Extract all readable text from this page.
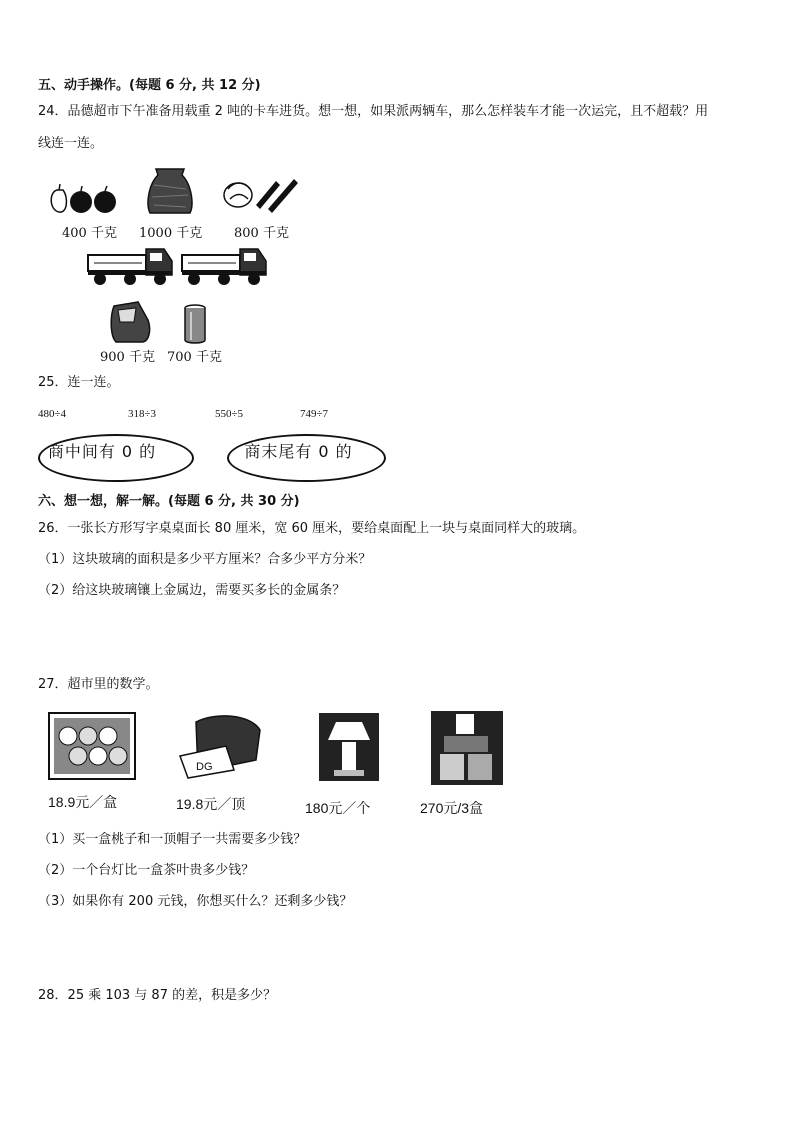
五、动手操作。(每题 6 分, 共 12 分)
24．品德超市下午准备用载重 2 吨的卡车进货。想一想，如果派两辆车，那么怎样装车才能一次运完，且不超载？用
线连一连。
400 千克 1000 千克 800 千克
900 千克 700 千克
25．连一连。
480÷4	318÷3	550÷5	749÷7
商中间有 0 的	商末尾有 0 的
六、想一想，解一解。(每题 6 分, 共 30 分)
26．一张长方形写字桌桌面长 80 厘米，宽 60 厘米，要给桌面配上一块与桌面同样大的玻璃。
（1）这块玻璃的面积是多少平方厘米？合多少平方分米？
（2）给这块玻璃镶上金属边，需要买多长的金属条？
27．超市里的数学。
18.9元／盒
DG
19.8元／顶	180元／个	270元/3盒
（1）买一盒桃子和一顶帽子一共需要多少钱？
（2）一个台灯比一盒茶叶贵多少钱？
（3）如果你有 200 元钱，你想买什么？还剩多少钱？
28．25 乘 103 与 87 的差，积是多少？
